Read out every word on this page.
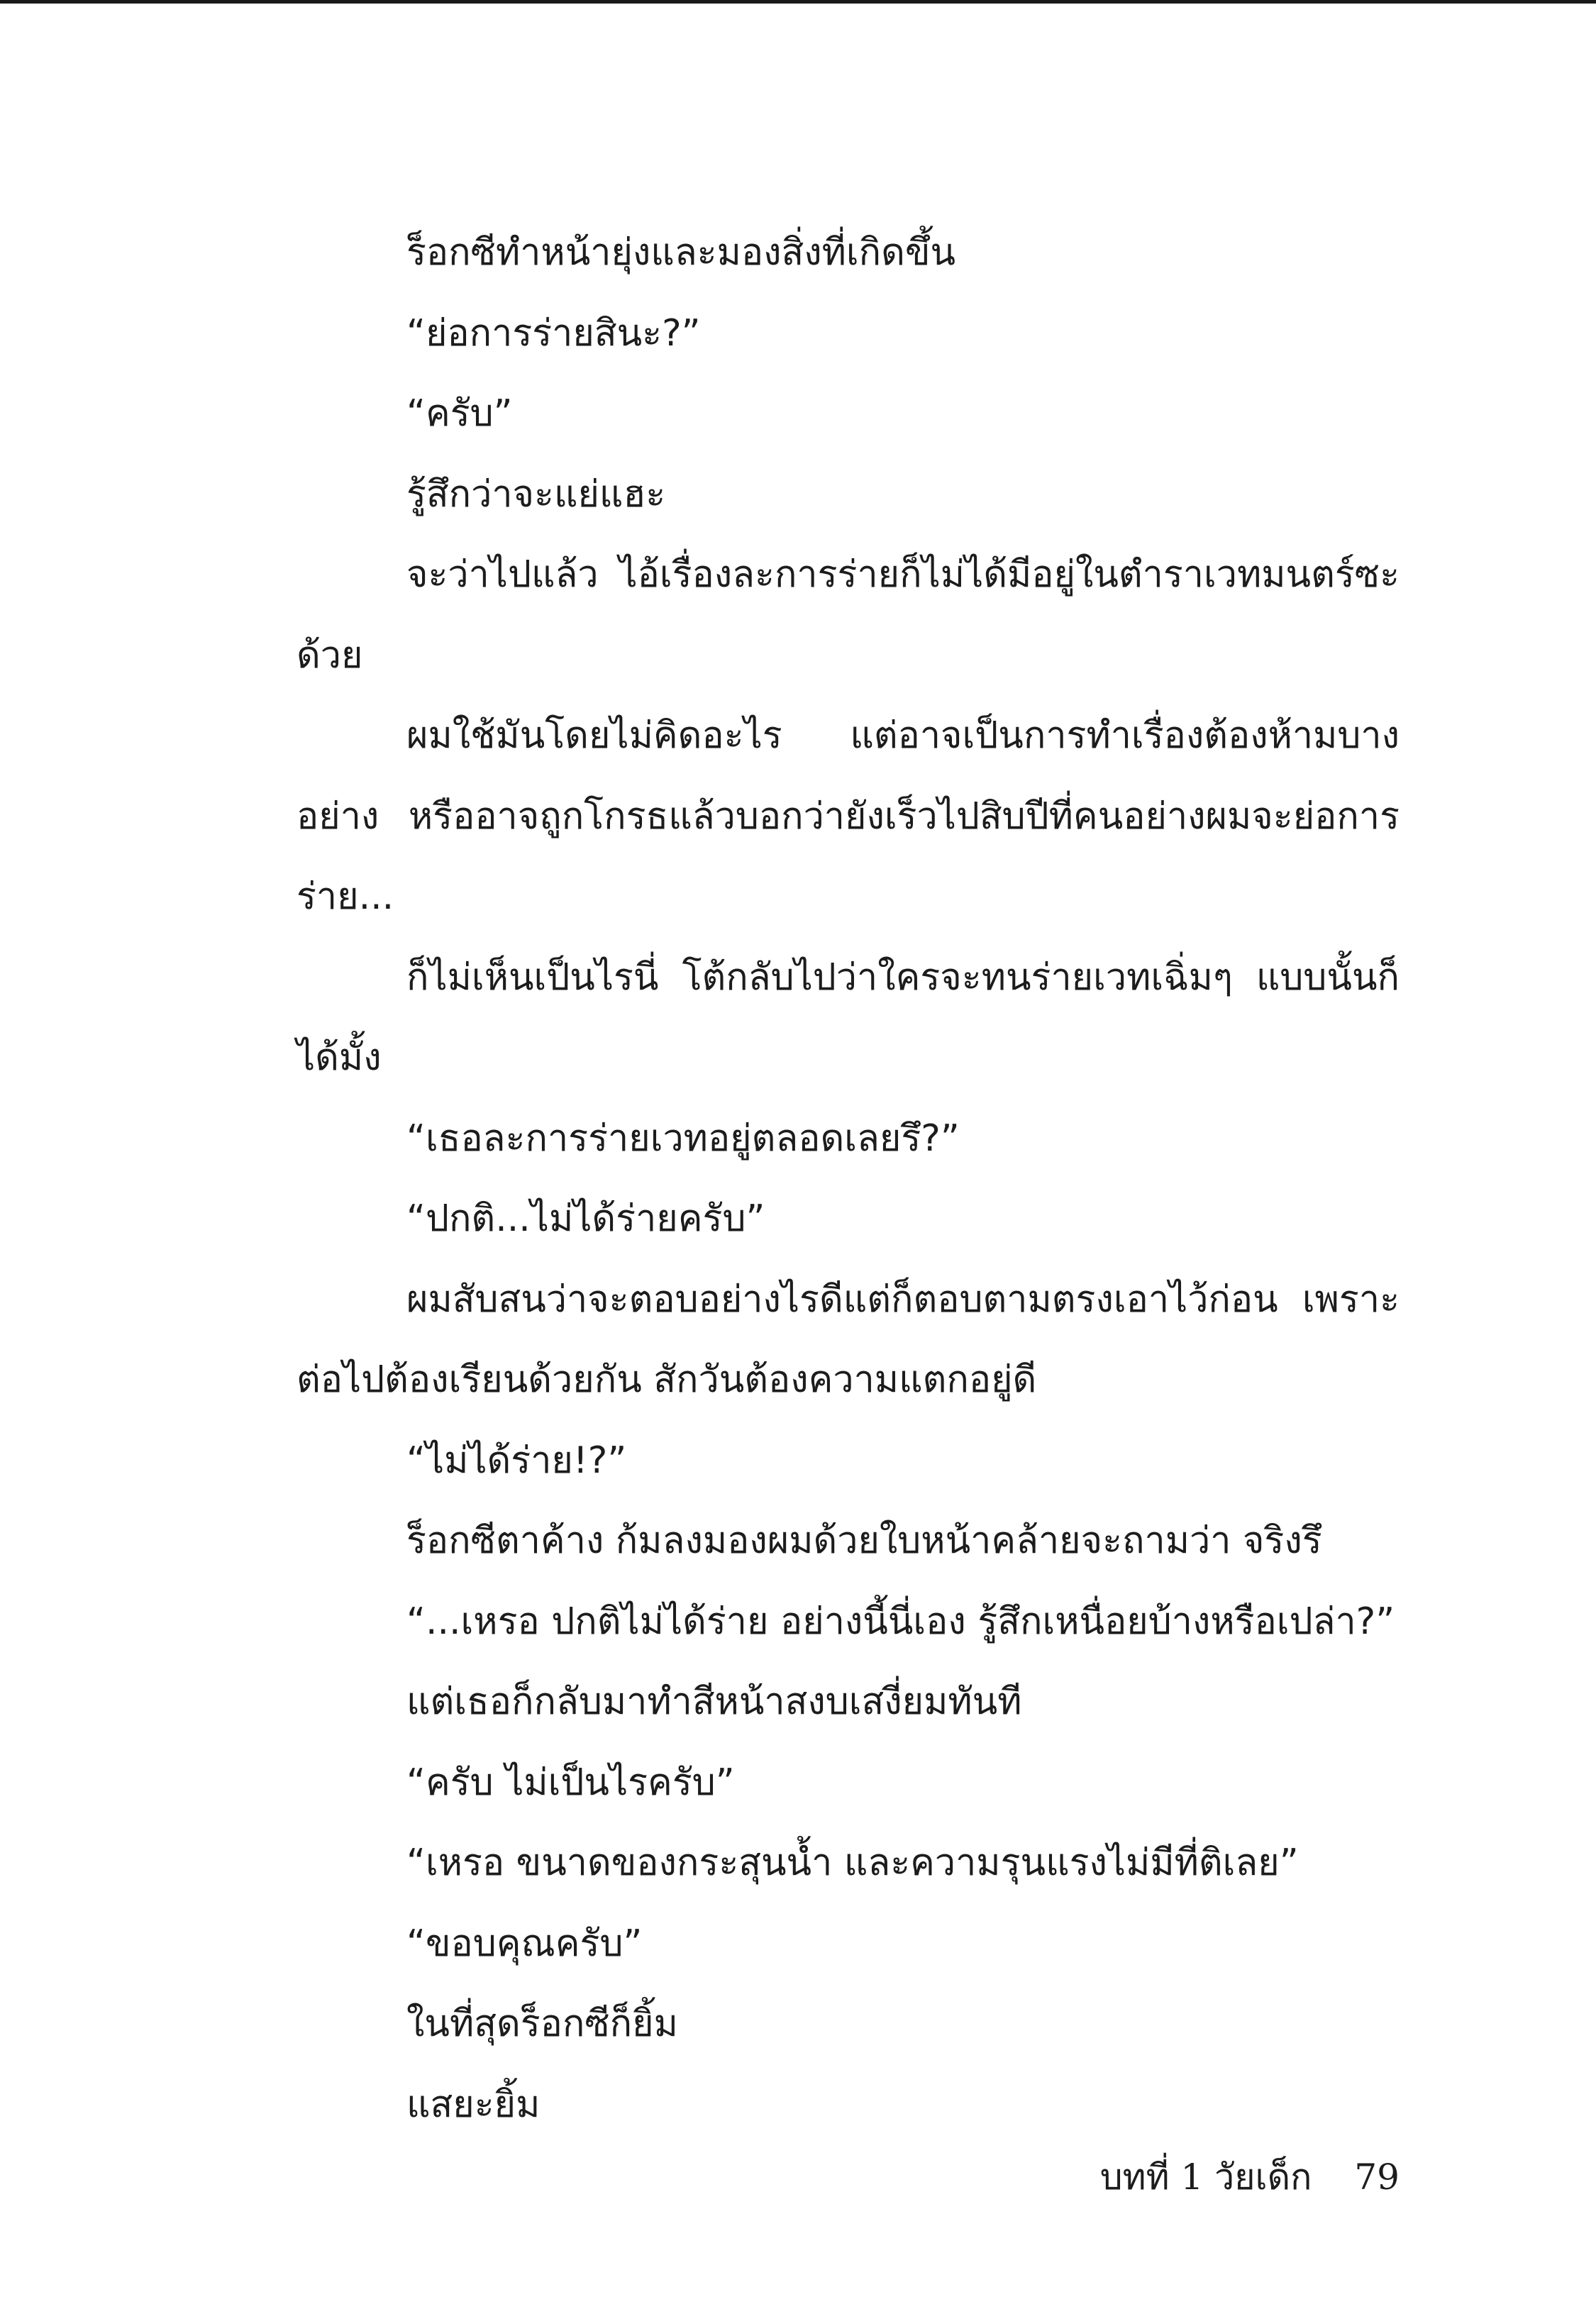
ร็อกซีทำหน้ายุ่งและมองสิ่งที่เกิดขึ้น

“ย่อการร่ายสินะ?”

“ครับ”

รู้สึกว่าจะแย่แฮะ

จะว่าไปแล้ว ไอ้เรื่องละการร่ายก็ไม่ได้มีอยู่ในตำราเวทมนตร์ซะด้วย

ผมใช้มันโดยไม่คิดอะไร แต่อาจเป็นการทำเรื่องต้องห้ามบางอย่าง หรืออาจถูกโกรธแล้วบอกว่ายังเร็วไปสิบปีที่คนอย่างผมจะย่อการร่าย...

ก็ไม่เห็นเป็นไรนี่ โต้กลับไปว่าใครจะทนร่ายเวทเฉิ่มๆ แบบนั้นก็ได้มั้ง

“เธอละการร่ายเวทอยู่ตลอดเลยรึ?”

“ปกติ...ไม่ได้ร่ายครับ”

ผมสับสนว่าจะตอบอย่างไรดีแต่ก็ตอบตามตรงเอาไว้ก่อน เพราะต่อไปต้องเรียนด้วยกัน สักวันต้องความแตกอยู่ดี

“ไม่ได้ร่าย!?”

ร็อกซีตาค้าง ก้มลงมองผมด้วยใบหน้าคล้ายจะถามว่า จริงรึ

“...เหรอ ปกติไม่ได้ร่าย อย่างนี้นี่เอง รู้สึกเหนื่อยบ้างหรือเปล่า?”

แต่เธอก็กลับมาทำสีหน้าสงบเสงี่ยมทันที

“ครับ ไม่เป็นไรครับ”

“เหรอ ขนาดของกระสุนน้ำ และความรุนแรงไม่มีที่ติเลย”

“ขอบคุณครับ”

ในที่สุดร็อกซีก็ยิ้ม

แสยะยิ้ม

บทที่ 1 วัยเด็ก 79
